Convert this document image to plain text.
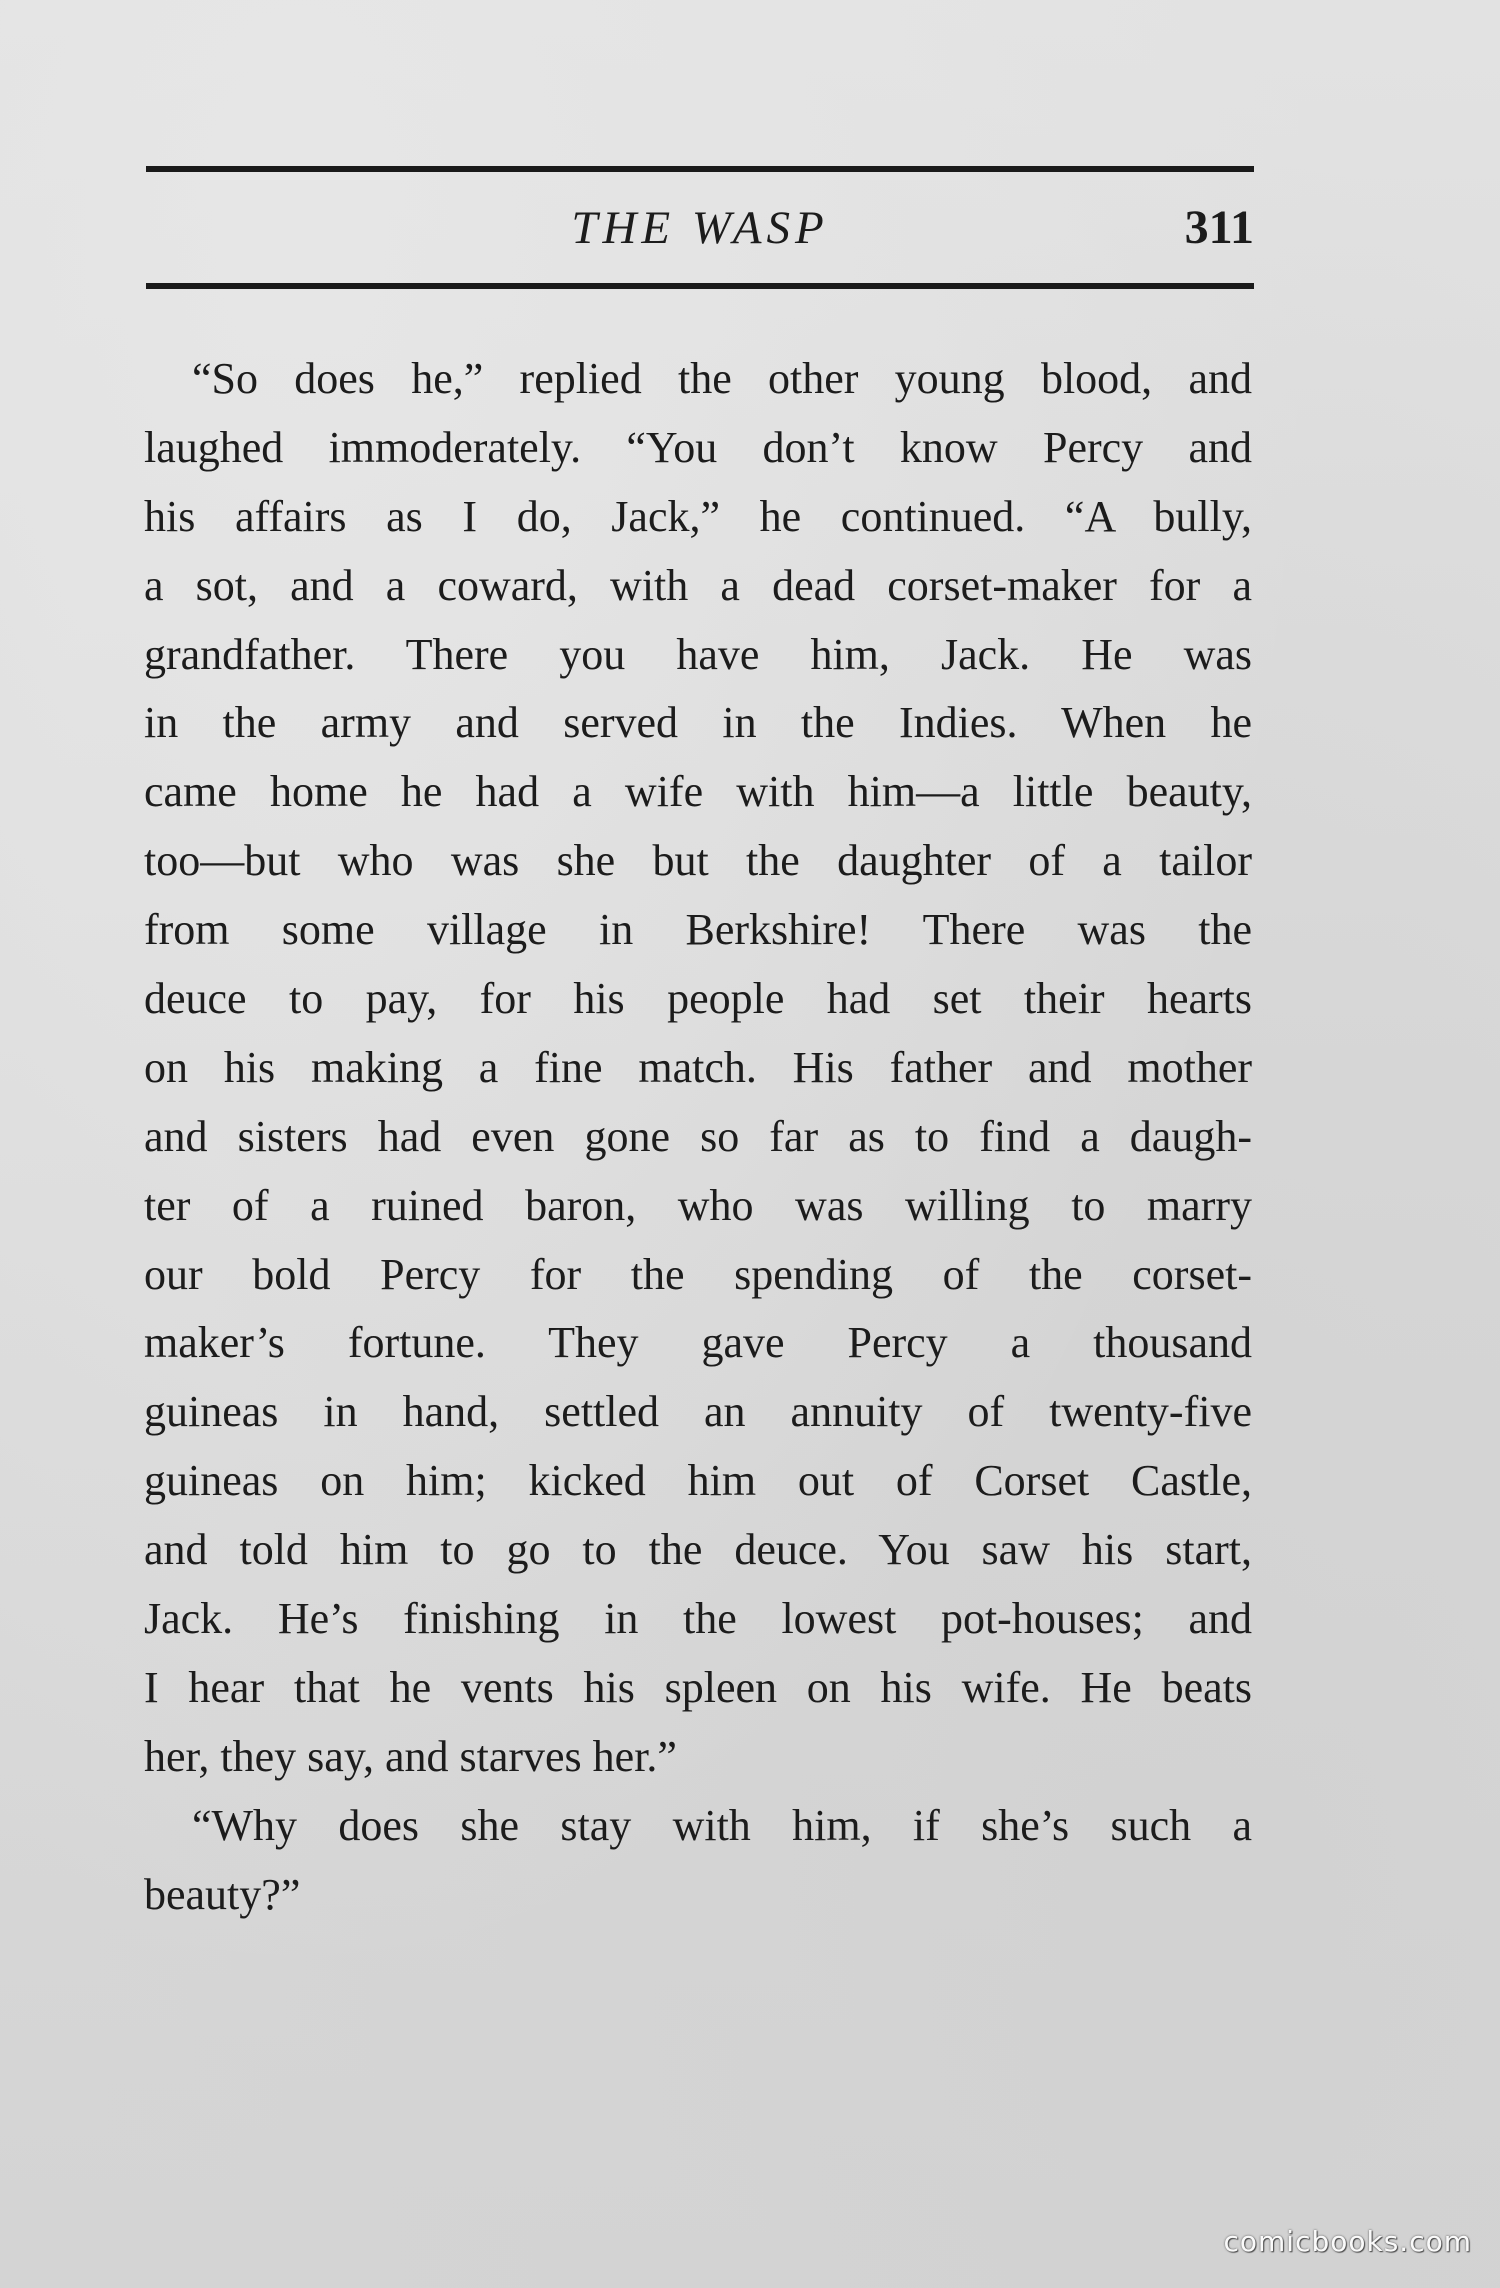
THE WASP	311
“So does he,” replied the other young blood, and
laughed immoderately. “You don’t know Percy and
his affairs as I do, Jack,” he continued. “A bully,
a sot, and a coward, with a dead corset-maker for a
grandfather. There you have him, Jack. He was
in the army and served in the Indies. When he
came home he had a wife with him—a little beauty,
too—but who was she but the daughter of a tailor
from some village in Berkshire! There was the
deuce to pay, for his people had set their hearts
on his making a fine match. His father and mother
and sisters had even gone so far as to find a daugh-
ter of a ruined baron, who was willing to marry
our bold Percy for the spending of the corset-
maker’s fortune. They gave Percy a thousand
guineas in hand, settled an annuity of twenty-five
guineas on him; kicked him out of Corset Castle,
and told him to go to the deuce. You saw his start,
Jack. He’s finishing in the lowest pot-houses; and
I hear that he vents his spleen on his wife. He beats
her, they say, and starves her.”
“Why does she stay with him, if she’s such a
beauty?”
comicbooks.com
